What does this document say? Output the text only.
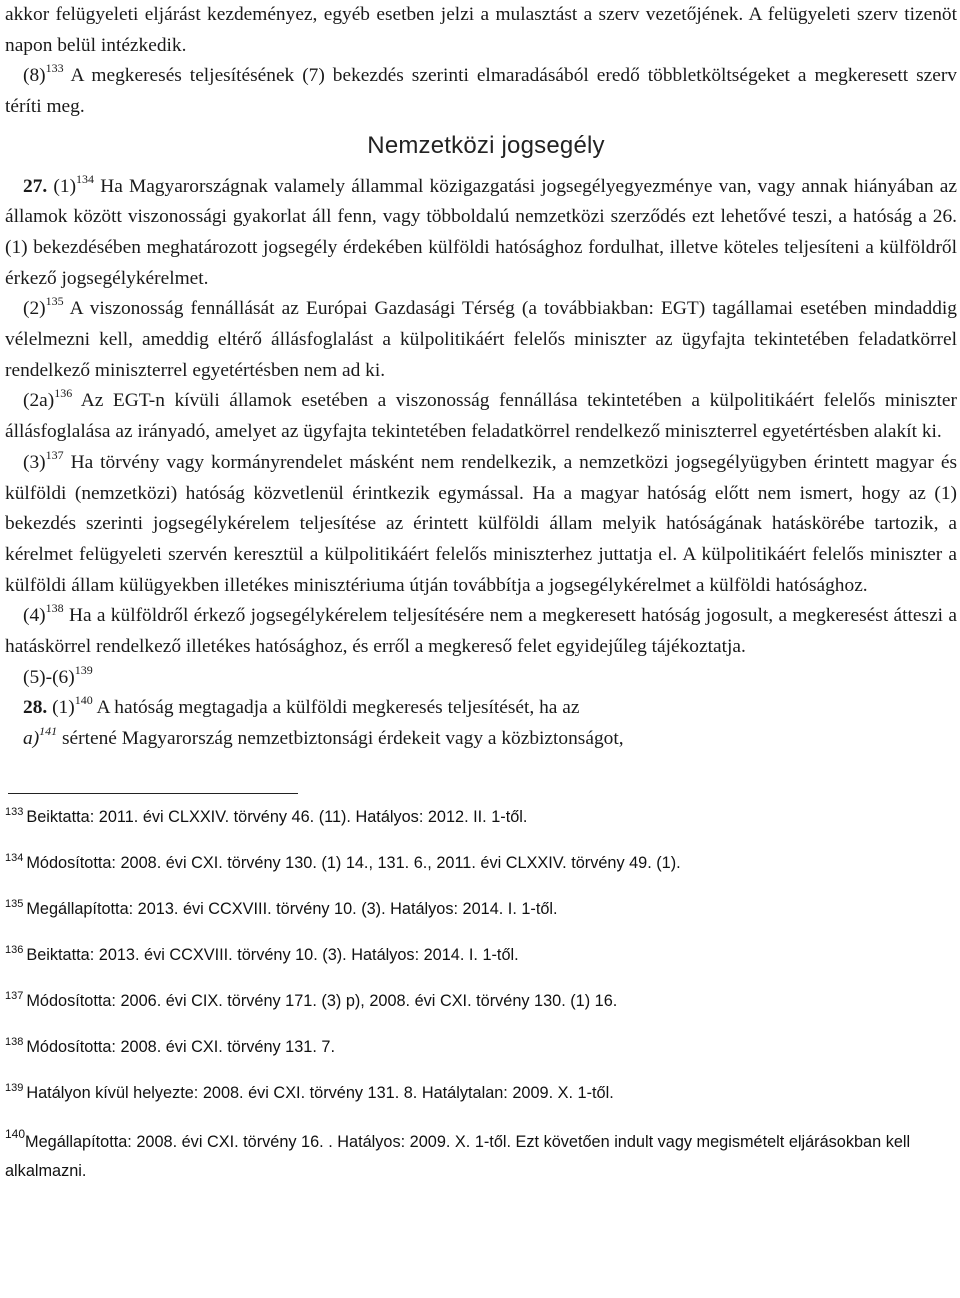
akkor felügyeleti eljárást kezdeményez, egyéb esetben jelzi a mulasztást a szerv vezetőjének. A felügyeleti szerv tizenöt napon belül intézkedik.

$(8)^{133}$ A megkeresés teljesítésének (7) bekezdés szerinti elmaradásából eredő többletköltségeket a megkeresett szerv téríti meg.

Nemzetközi jogsegély

27. $(1)^{134}$ Ha Magyarországnak valamely állammal közigazgatási jogsegélyegyezménye van, vagy annak hiányában az államok között viszonossági gyakorlat áll fenn, vagy többoldalú nemzetközi szerződés ezt lehetővé teszi, a hatóság a 26. (1) bekezdésében meghatározott jogsegély érdekében külföldi hatósághoz fordulhat, illetve köteles teljesíteni a külföldről érkező jogsegélykérelmet.

$(2)^{135}$ A viszonosság fennállását az Európai Gazdasági Térség (a továbbiakban: EGT) tagállamai esetében mindaddig vélelmezni kell, ameddig eltérő állásfoglalást a külpolitikáért felelős miniszter az ügyfajta tekintetében feladatkörrel rendelkező miniszterrel egyetértésben nem ad ki.

$(2a)^{136}$ Az EGT-n kívüli államok esetében a viszonosság fennállása tekintetében a külpolitikáért felelős miniszter állásfoglalása az irányadó, amelyet az ügyfajta tekintetében feladatkörrel rendelkező miniszterrel egyetértésben alakít ki.

$(3)^{137}$ Ha törvény vagy kormányrendelet másként nem rendelkezik, a nemzetközi jogsegélyügyben érintett magyar és külföldi (nemzetközi) hatóság közvetlenül érintkezik egymással. Ha a magyar hatóság előtt nem ismert, hogy az (1) bekezdés szerinti jogsegélykérelem teljesítése az érintett külföldi állam melyik hatóságának hatáskörébe tartozik, a kérelmet felügyeleti szervén keresztül a külpolitikáért felelős miniszterhez juttatja el. A külpolitikáért felelős miniszter a külföldi állam külügyekben illetékes minisztériuma útján továbbítja a jogsegélykérelmet a külföldi hatósághoz.

$(4)^{138}$ Ha a külföldről érkező jogsegélykérelem teljesítésére nem a megkeresett hatóság jogosult, a megkeresést átteszi a hatáskörrel rendelkező illetékes hatósághoz, és erről a megkereső felet egyidejűleg tájékoztatja.

$(5)-(6)^{139}$

28. $(1)^{140}$ A hatóság megtagadja a külföldi megkeresés teljesítését, ha az

a)$^{141}$ sértené Magyarország nemzetbiztonsági érdekeit vagy a közbiztonságot,

$^{133}$ Beiktatta: 2011. évi CLXXIV. törvény 46. (11). Hatályos: 2012. II. 1-től.

$^{134}$ Módosította: 2008. évi CXI. törvény 130. (1) 14., 131. 6., 2011. évi CLXXIV. törvény 49. (1).

$^{135}$ Megállapította: 2013. évi CCXVIII. törvény 10. (3). Hatályos: 2014. I. 1-től.

$^{136}$ Beiktatta: 2013. évi CCXVIII. törvény 10. (3). Hatályos: 2014. I. 1-től.

$^{137}$ Módosította: 2006. évi CIX. törvény 171. (3) p), 2008. évi CXI. törvény 130. (1) 16.

$^{138}$ Módosította: 2008. évi CXI. törvény 131. 7.

$^{139}$ Hatályon kívül helyezte: 2008. évi CXI. törvény 131. 8. Hatálytalan: 2009. X. 1-től.

$^{140}$Megállapította: 2008. évi CXI. törvény 16. . Hatályos: 2009. X. 1-től. Ezt követően indult vagy megismételt eljárásokban kell alkalmazni.
